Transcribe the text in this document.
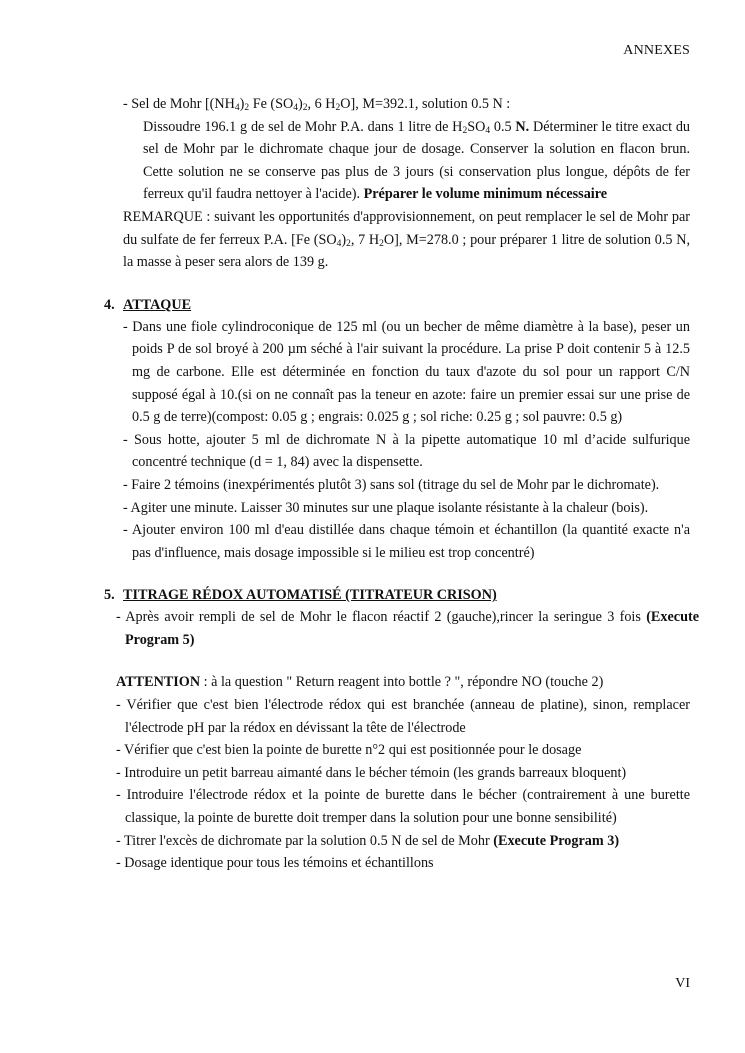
ANNEXES

- Sel de Mohr [$(NH_4)_2$ Fe $(SO_4)_2$, 6 $H_2O$], M=392.1, solution 0.5 N :

Dissoudre 196.1 g de sel de Mohr P.A. dans 1 litre de $H_2SO_4$ 0.5 N. Déterminer le titre exact du sel de Mohr par le dichromate chaque jour de dosage. Conserver la solution en flacon brun. Cette solution ne se conserve pas plus de 3 jours (si conservation plus longue, dépôts de fer ferreux qu'il faudra nettoyer à l'acide). Préparer le volume minimum nécessaire

REMARQUE : suivant les opportunités d'approvisionnement, on peut remplacer le sel de Mohr par du sulfate de fer ferreux P.A. [Fe $(SO_4)_2$, 7 $H_2O$], M=278.0 ; pour préparer 1 litre de solution 0.5 N, la masse à peser sera alors de 139 g.

4. ATTAQUE

- Dans une fiole cylindroconique de 125 ml (ou un becher de même diamètre à la base), peser un poids P de sol broyé à 200 µm séché à l'air suivant la procédure. La prise P doit contenir 5 à 12.5 mg de carbone. Elle est déterminée en fonction du taux d'azote du sol pour un rapport C/N supposé égal à 10.(si on ne connaît pas la teneur en azote: faire un premier essai sur une prise de 0.5 g de terre)(compost: 0.05 g ; engrais: 0.025 g ; sol riche: 0.25 g ; sol pauvre: 0.5 g)

- Sous hotte, ajouter 5 ml de dichromate N à la pipette automatique 10 ml d’acide sulfurique concentré technique (d = 1, 84) avec la dispensette.

- Faire 2 témoins (inexpérimentés plutôt 3) sans sol (titrage du sel de Mohr par le dichromate).

- Agiter une minute. Laisser 30 minutes sur une plaque isolante résistante à la chaleur (bois).

- Ajouter environ 100 ml d'eau distillée dans chaque témoin et échantillon (la quantité exacte n'a pas d'influence, mais dosage impossible si le milieu est trop concentré)

5. TITRAGE RÉDOX AUTOMATISÉ (TITRATEUR CRISON)

- Après avoir rempli de sel de Mohr le flacon réactif 2 (gauche),rincer la seringue 3 fois (Execute Program 5)

ATTENTION : à la question " Return reagent into bottle ? ", répondre NO (touche 2)

- Vérifier que c'est bien l'électrode rédox qui est branchée (anneau de platine), sinon, remplacer l'électrode pH par la rédox en dévissant la tête de l'électrode

- Vérifier que c'est bien la pointe de burette n°2 qui est positionnée pour le dosage

- Introduire un petit barreau aimanté dans le bécher témoin (les grands barreaux bloquent)

- Introduire l'électrode rédox et la pointe de burette dans le bécher (contrairement à une burette classique, la pointe de burette doit tremper dans la solution pour une bonne sensibilité)

- Titrer l'excès de dichromate par la solution 0.5 N de sel de Mohr (Execute Program 3)

- Dosage identique pour tous les témoins et échantillons

VI
